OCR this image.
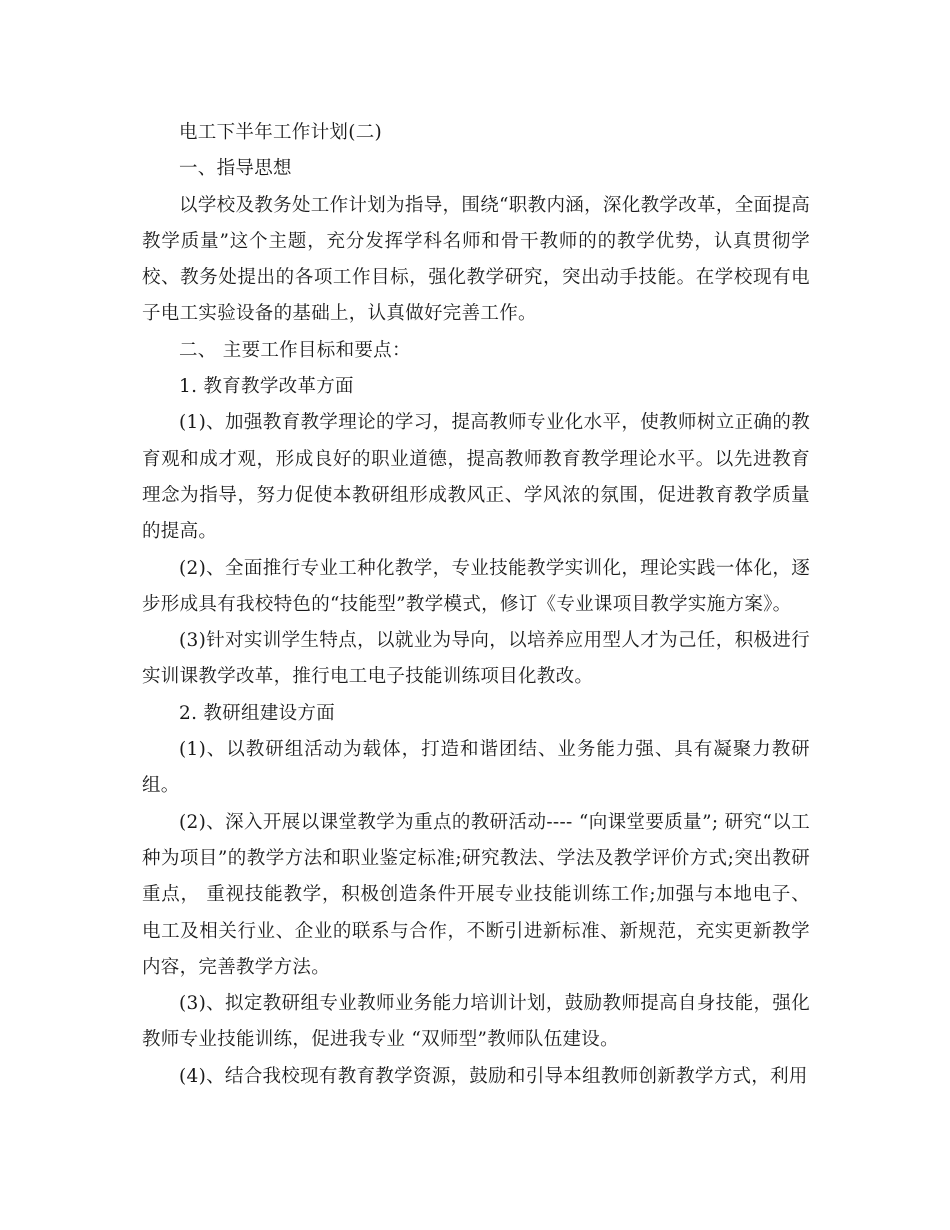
电工下半年工作计划(二)

一、指导思想

以学校及教务处工作计划为指导，围绕“职教内涵，深化教学改革，全面提高教学质量”这个主题，充分发挥学科名师和骨干教师的的教学优势，认真贯彻学校、教务处提出的各项工作目标，强化教学研究，突出动手技能。在学校现有电子电工实验设备的基础上，认真做好完善工作。

二、 主要工作目标和要点：

1. 教育教学改革方面

(1)、加强教育教学理论的学习，提高教师专业化水平，使教师树立正确的教育观和成才观，形成良好的职业道德，提高教师教育教学理论水平。以先进教育理念为指导，努力促使本教研组形成教风正、学风浓的氛围，促进教育教学质量的提高。

(2)、全面推行专业工种化教学，专业技能教学实训化，理论实践一体化，逐步形成具有我校特色的“技能型”教学模式，修订《专业课项目教学实施方案》。

(3)针对实训学生特点，以就业为导向，以培养应用型人才为己任，积极进行实训课教学改革，推行电工电子技能训练项目化教改。

2. 教研组建设方面

(1)、以教研组活动为载体，打造和谐团结、业务能力强、具有凝聚力教研组。

(2)、深入开展以课堂教学为重点的教研活动---- “向课堂要质量”; 研究“以工种为项目”的教学方法和职业鉴定标准;研究教法、学法及教学评价方式;突出教研重点， 重视技能教学，积极创造条件开展专业技能训练工作;加强与本地电子、电工及相关行业、企业的联系与合作，不断引进新标准、新规范，充实更新教学内容，完善教学方法。

(3)、拟定教研组专业教师业务能力培训计划，鼓励教师提高自身技能，强化教师专业技能训练，促进我专业 “双师型”教师队伍建设。

(4)、结合我校现有教育教学资源，鼓励和引导本组教师创新教学方式，利用
